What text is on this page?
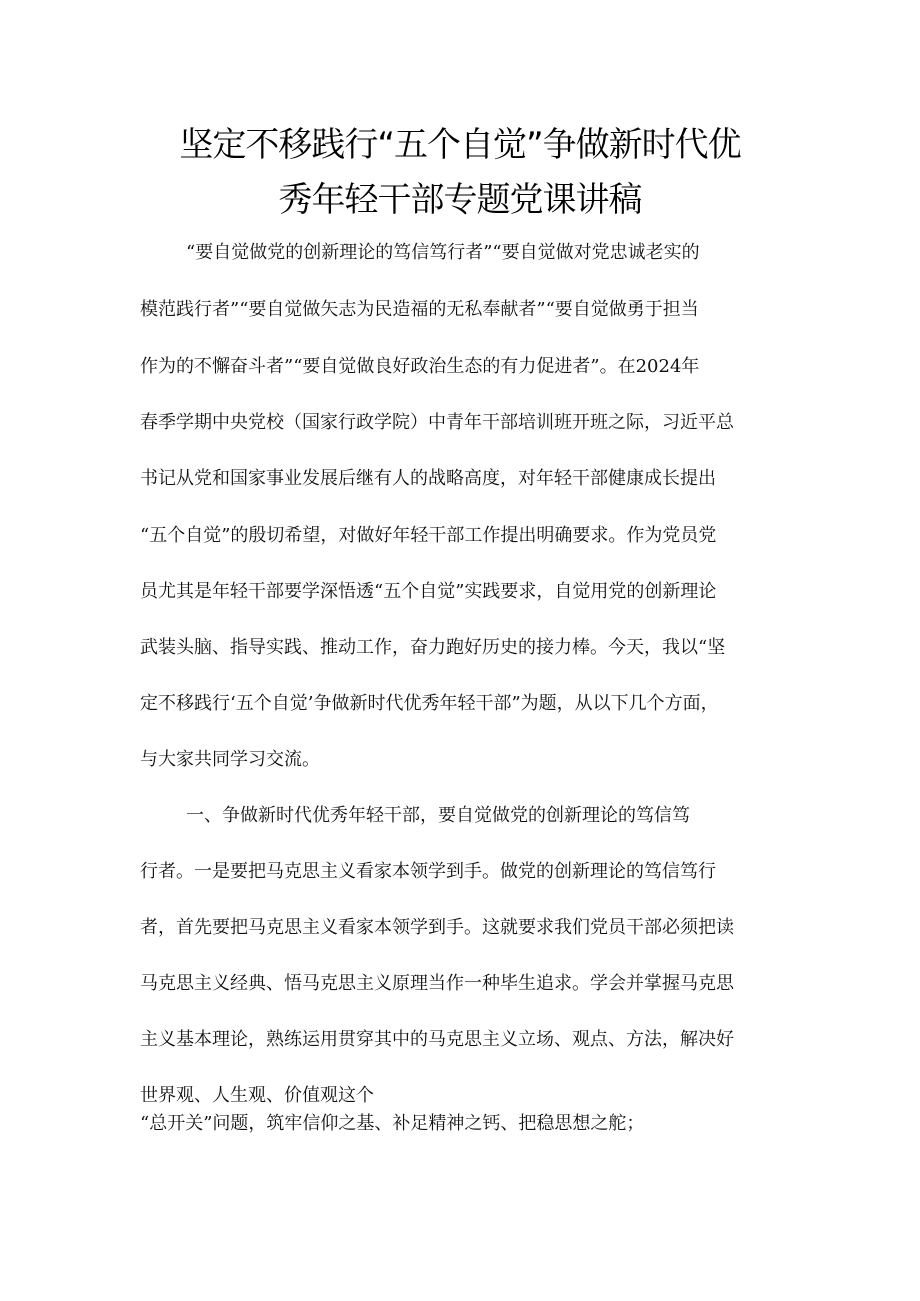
坚定不移践行“五个自觉”争做新时代优
秀年轻干部专题党课讲稿
“要自觉做党的创新理论的笃信笃行者”“要自觉做对党忠诚老实的
模范践行者”“要自觉做矢志为民造福的无私奉献者”“要自觉做勇于担当
作为的不懈奋斗者”“要自觉做良好政治生态的有力促进者”。在2024年
春季学期中央党校（国家行政学院）中青年干部培训班开班之际，习近平总
书记从党和国家事业发展后继有人的战略高度，对年轻干部健康成长提出
“五个自觉”的殷切希望，对做好年轻干部工作提出明确要求。作为党员党
员尤其是年轻干部要学深悟透“五个自觉”实践要求，自觉用党的创新理论
武装头脑、指导实践、推动工作，奋力跑好历史的接力棒。今天，我以“坚
定不移践行‘五个自觉’争做新时代优秀年轻干部”为题，从以下几个方面，
与大家共同学习交流。
一、争做新时代优秀年轻干部，要自觉做党的创新理论的笃信笃
行者。一是要把马克思主义看家本领学到手。做党的创新理论的笃信笃行
者，首先要把马克思主义看家本领学到手。这就要求我们党员干部必须把读
马克思主义经典、悟马克思主义原理当作一种毕生追求。学会并掌握马克思
主义基本理论，熟练运用贯穿其中的马克思主义立场、观点、方法，解决好
世界观、人生观、价值观这个
“总开关”问题，筑牢信仰之基、补足精神之钙、把稳思想之舵；
